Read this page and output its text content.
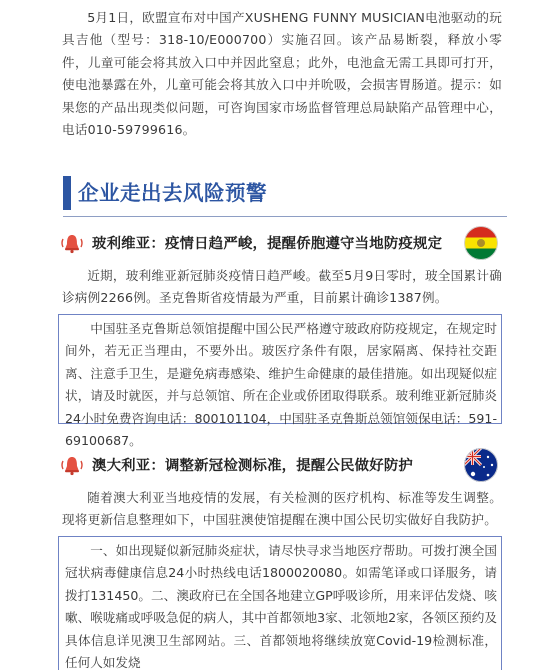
5月1日，欧盟宣布对中国产XUSHENG FUNNY MUSICIAN电池驱动的玩具吉他（型号：318-10/E000700）实施召回。该产品易断裂，释放小零件，儿童可能会将其放入口中并因此窒息；此外，电池盒无需工具即可打开，使电池暴露在外，儿童可能会将其放入口中并吮吸，会损害胃肠道。提示：如果您的产品出现类似问题，可咨询国家市场监督管理总局缺陷产品管理中心，电话010-59799616。

企业走出去风险预警
玻利维亚：疫情日趋严峻，提醒侨胞遵守当地防疫规定

近期，玻利维亚新冠肺炎疫情日趋严峻。截至5月9日零时，玻全国累计确诊病例2266例。圣克鲁斯省疫情最为严重，目前累计确诊1387例。

中国驻圣克鲁斯总领馆提醒中国公民严格遵守玻政府防疫规定，在规定时间外，若无正当理由，不要外出。玻医疗条件有限，居家隔离、保持社交距离、注意手卫生，是避免病毒感染、维护生命健康的最佳措施。如出现疑似症状，请及时就医，并与总领馆、所在企业或侨团取得联系。玻利维亚新冠肺炎24小时免费咨询电话：800101104，中国驻圣克鲁斯总领馆领保电话：591-69100687。

澳大利亚：调整新冠检测标准，提醒公民做好防护

随着澳大利亚当地疫情的发展，有关检测的医疗机构、标准等发生调整。现将更新信息整理如下，中国驻澳使馆提醒在澳中国公民切实做好自我防护。

一、如出现疑似新冠肺炎症状，请尽快寻求当地医疗帮助。可拨打澳全国冠状病毒健康信息24小时热线电话1800020080。如需笔译或口译服务，请拨打131450。二、澳政府已在全国各地建立GP呼吸诊所，用来评估发烧、咳嗽、喉咙痛或呼吸急促的病人，其中首都领地3家、北领地2家，各领区预约及具体信息详见澳卫生部网站。三、首都领地将继续放宽Covid-19检测标准，任何人如发烧
